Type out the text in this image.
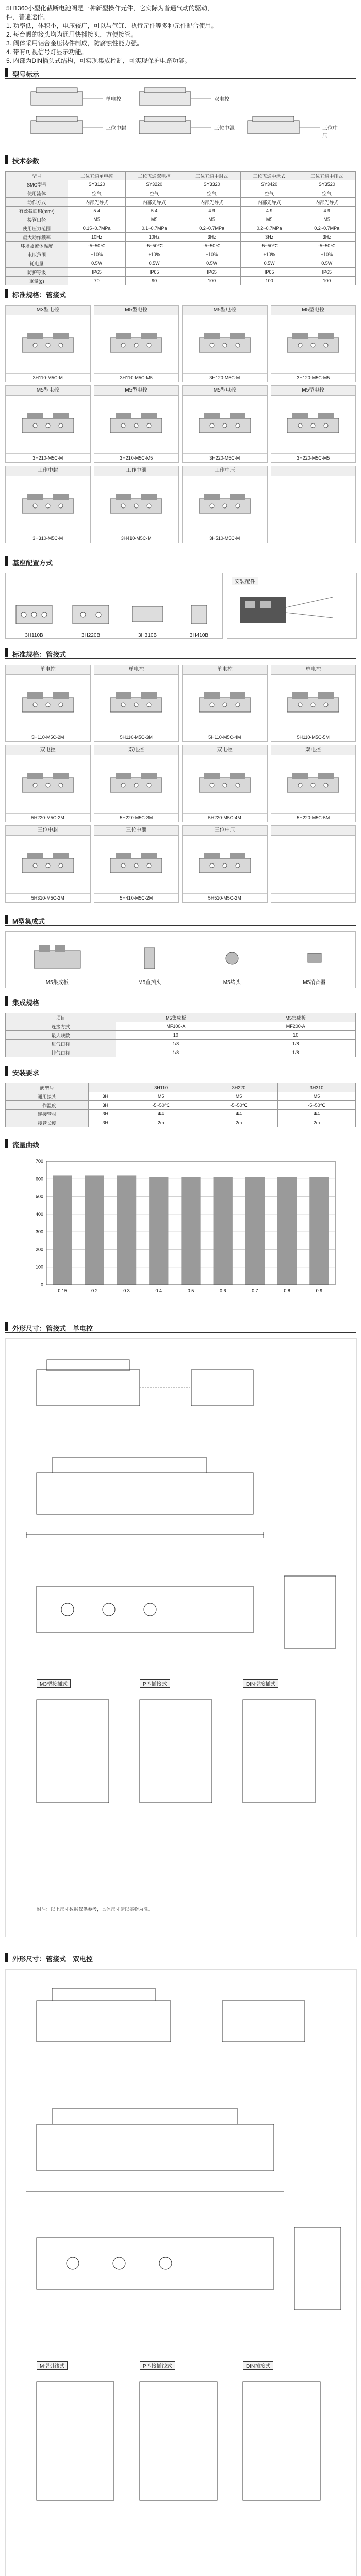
5H1360小型化截断电池阀是一种新型操作元件，它实际为普通气动的驱动，

件，普遍运作。

1. 功率低，体积小，电压较广，可以与气缸、执行元件等多种元件配合使用。

2. 每台阀的接头均为通用快插接头，方便接管。

3. 阀体采用铝合金压铸件制成，防腐蚀性能力强。

4. 带有可视信号灯显示功能。

5. 内部为DIN插头式结构，可实现集成控制，可实现保护电路功能。

型号标示
单电控	双电控
三位中封	三位中泄	三位中压
技术参数
型号	二位五通单电控	二位五通双电控	三位五通中封式	三位五通中泄式	三位五通中压式
SMC型号	SY3120	SY3220	SY3320	SY3420	SY3520
使用流体	空气	空气	空气	空气	空气
动作方式	内部先导式	内部先导式	内部先导式	内部先导式	内部先导式
有效截面积(mm²)	5.4	5.4	4.9	4.9	4.9
接管口径	M5	M5	M5	M5	M5
使用压力范围	0.15~0.7MPa	0.1~0.7MPa	0.2~0.7MPa	0.2~0.7MPa	0.2~0.7MPa
最大动作频率	10Hz	10Hz	3Hz	3Hz	3Hz
环境及流体温度	-5~50℃	-5~50℃	-5~50℃	-5~50℃	-5~50℃
电压范围	±10%	±10%	±10%	±10%	±10%
耗电量	0.5W	0.5W	0.5W	0.5W	0.5W
防护等级	IP65	IP65	IP65	IP65	IP65
重量(g)	70	90	100	100	100
标准规格：管接式
M3型电控
3H110-M5C-M
M5型电控
3H110-M5C-M5
M5型电控
3H120-M5C-M
M5型电控
3H120-M5C-M5
M5型电控
3H210-M5C-M
M5型电控
3H210-M5C-M5
M5型电控
3H220-M5C-M
M5型电控
3H220-M5C-M5
工作中封
3H310-M5C-M
工作中泄
3H410-M5C-M
工作中压
3H510-M5C-M
基座配置方式
3H110B	3H220B	3H310B	3H410B
安装配件
标准规格：管接式
单电控
5H110-M5C-2M
单电控
5H110-M5C-3M
单电控
5H110-M5C-4M
单电控
5H110-M5C-5M
双电控
5H220-M5C-2M
双电控
5H220-M5C-3M
双电控
5H220-M5C-4M
双电控
5H220-M5C-5M
三位中封
5H310-M5C-2M
三位中泄
5H410-M5C-2M
三位中压
5H510-M5C-2M
M型集成式
M5集成板	M5直插头	M5堵头	M5消音器
集成规格
项目	M5集成板	M5集成板
连接方式	MF100-A	MF200-A
最大联数	10	10
进气口径	1/8	1/8
排气口径	1/8	1/8
安装要求
阀型号		3H110	3H220	3H310
通用接头	3H	M5	M5	M5
工作温度	3H	-5~50℃	-5~50℃	-5~50℃
连接管材	3H	Φ4	Φ4	Φ4
接管长度	3H	2m	2m	2m
流量曲线
0
100
200
300
400
500
600
700
0.15	0.2	0.3	0.4	0.5	0.6	0.7	0.8	0.9
外形尺寸：管接式　单电控
M3型接插式	P型插接式	DIN型接插式
附注：以上尺寸数据仅供参考，具体尺寸请以实物为准。
外形尺寸：管接式　双电控
M型引线式	P型接插线式	DIN插接式
